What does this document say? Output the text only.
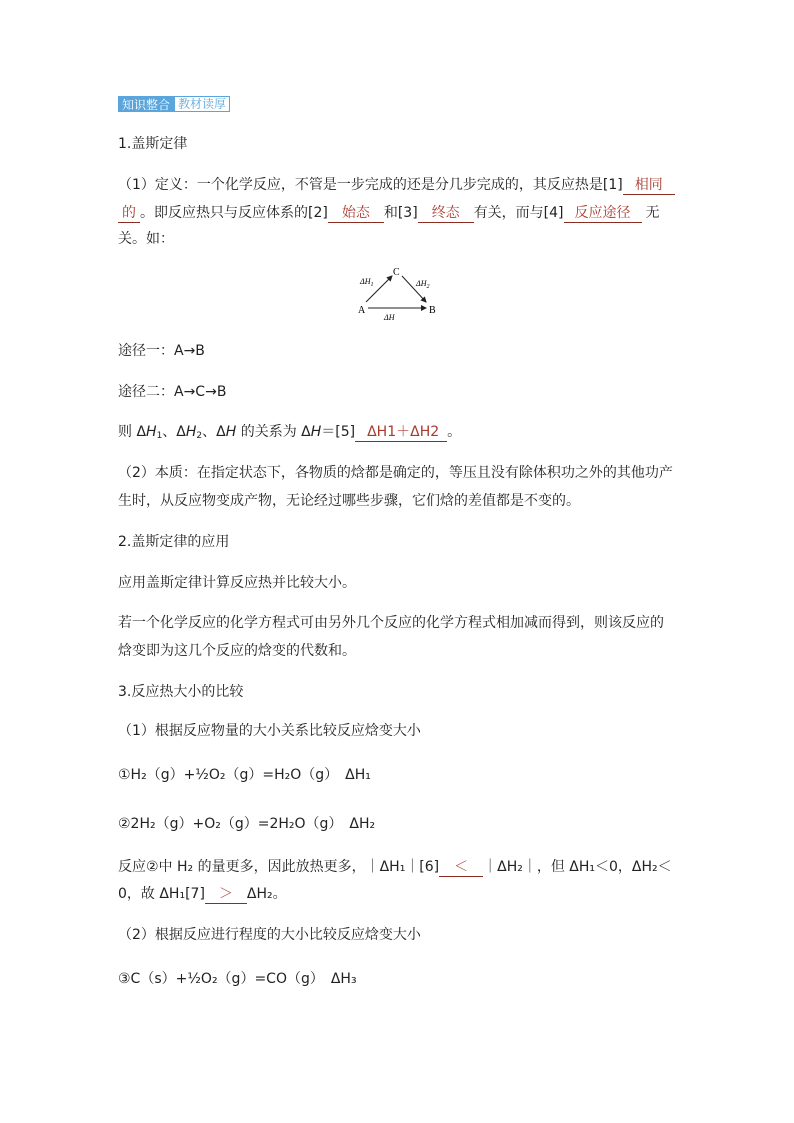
知识整合 教材读厚
1.盖斯定律
（1）定义：一个化学反应，不管是一步完成的还是分几步完成的，其反应热是[1] 相同
的 。即反应热只与反应体系的[2] 始态 和[3] 终态 有关，而与[4] 反应途径 无
关。如：
C
A	B
$\Delta H_1$	$\Delta H_2$
ΔH
途径一：A→B
途径二：A→C→B
则 $\Delta H_1$、$\Delta H_2$、ΔH 的关系为 ΔH＝[5] ΔH1＋ΔH2 。
（2）本质：在指定状态下，各物质的焓都是确定的，等压且没有除体积功之外的其他功产
生时，从反应物变成产物，无论经过哪些步骤，它们焓的差值都是不变的。
2.盖斯定律的应用
应用盖斯定律计算反应热并比较大小。
若一个化学反应的化学方程式可由另外几个反应的化学方程式相加减而得到，则该反应的
焓变即为这几个反应的焓变的代数和。
3.反应热大小的比较
（1）根据反应物量的大小关系比较反应焓变大小
①H₂（g）+½O₂（g）=H₂O（g）　ΔH₁
②2H₂（g）+O₂（g）=2H₂O（g）　ΔH₂
反应②中 H₂ 的量更多，因此放热更多，｜ΔH₁｜[6] ＜ ｜ΔH₂｜，但 ΔH₁＜0，ΔH₂＜
0，故 ΔH₁[7] ＞ ΔH₂。
（2）根据反应进行程度的大小比较反应焓变大小
③C（s）+½O₂（g）=CO（g）　ΔH₃
